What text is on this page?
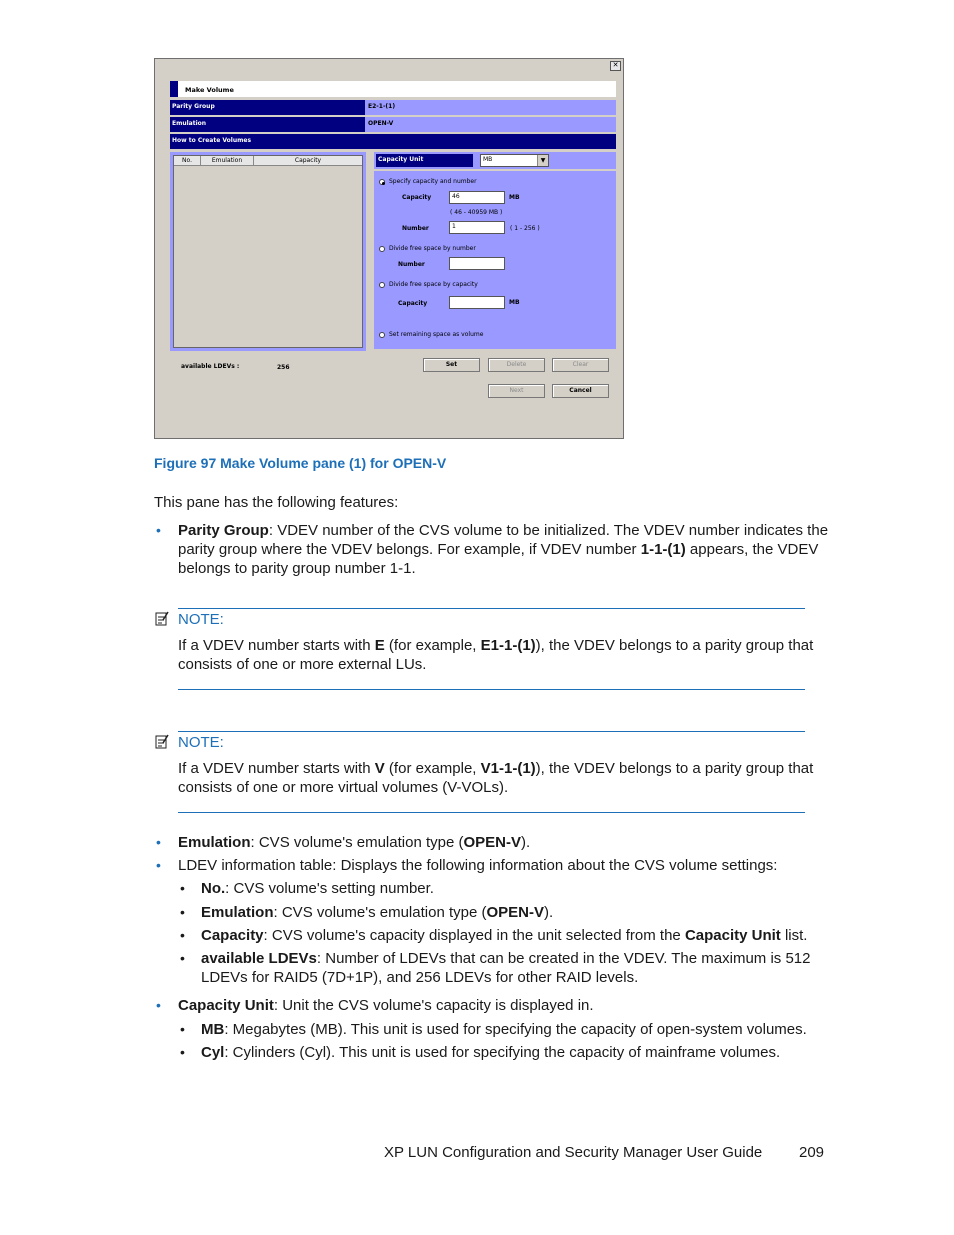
✕
Make Volume
Parity Group	E2-1-(1)
Emulation	OPEN-V
How to Create Volumes
No.	Emulation	Capacity	Capacity Unit	MB	▼
Specify capacity and number
Capacity	46	MB
( 46 - 40959 MB )
Number	1	( 1 - 256 )
Divide free space by number
Number
Divide free space by capacity
Capacity	MB
Set remaining space as volume
available LDEVs :	256	Set	Delete	Clear
Next	Cancel
Figure 97 Make Volume pane (1) for OPEN-V
This pane has the following features:
• Parity Group: VDEV number of the CVS volume to be initialized. The VDEV number indicates the
parity group where the VDEV belongs. For example, if VDEV number 1-1-(1) appears, the VDEV
belongs to parity group number 1-1.
NOTE:
If a VDEV number starts with E (for example, E1-1-(1)), the VDEV belongs to a parity group that
consists of one or more external LUs.
NOTE:
If a VDEV number starts with V (for example, V1-1-(1)), the VDEV belongs to a parity group that
consists of one or more virtual volumes (V-VOLs).
• Emulation: CVS volume's emulation type (OPEN-V).
• LDEV information table: Displays the following information about the CVS volume settings:
• No.: CVS volume's setting number.
• Emulation: CVS volume's emulation type (OPEN-V).
• Capacity: CVS volume's capacity displayed in the unit selected from the Capacity Unit list.
• available LDEVs: Number of LDEVs that can be created in the VDEV. The maximum is 512
LDEVs for RAID5 (7D+1P), and 256 LDEVs for other RAID levels.
• Capacity Unit: Unit the CVS volume's capacity is displayed in.
• MB: Megabytes (MB). This unit is used for specifying the capacity of open-system volumes.
• Cyl: Cylinders (Cyl). This unit is used for specifying the capacity of mainframe volumes.
XP LUN Configuration and Security Manager User Guide 209
